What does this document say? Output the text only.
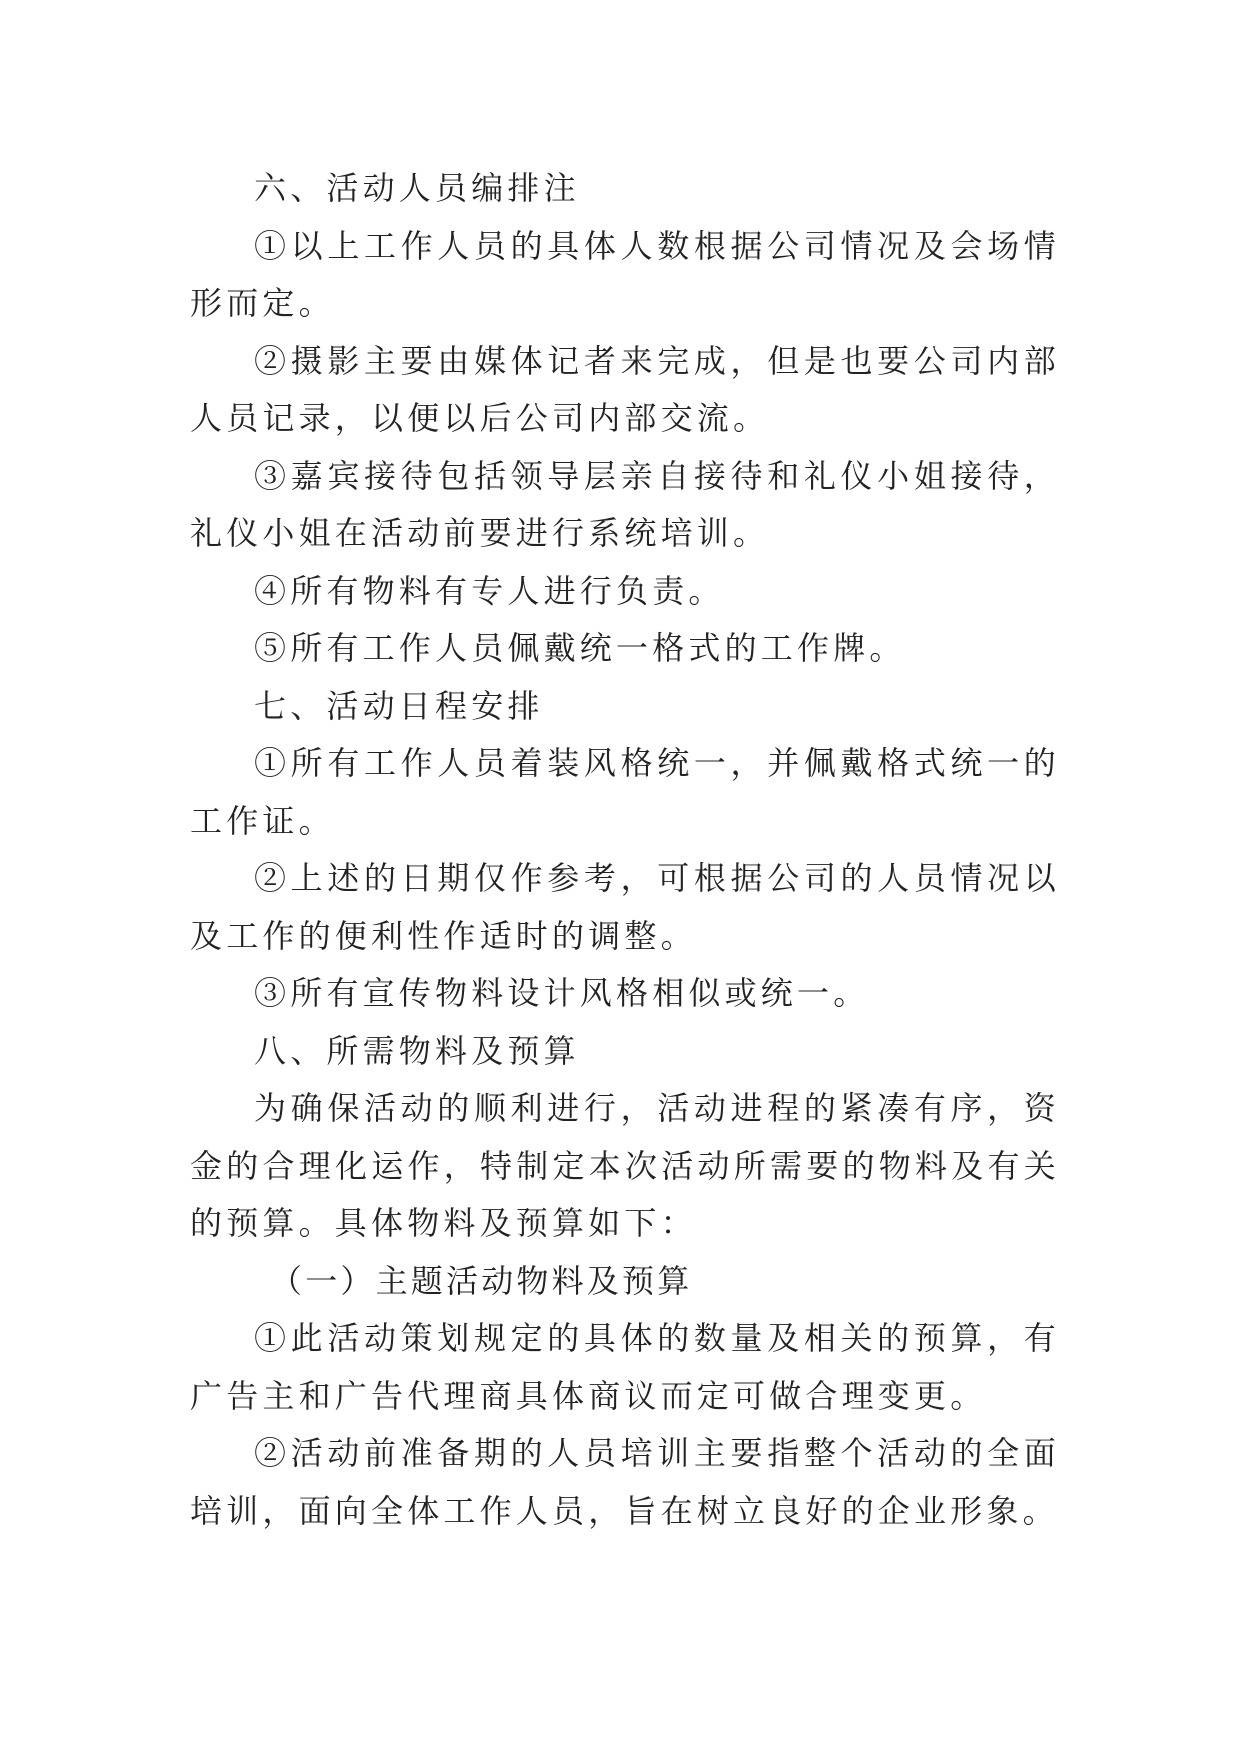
六、活动人员编排注

①以上工作人员的具体人数根据公司情况及会场情形而定。

②摄影主要由媒体记者来完成，但是也要公司内部人员记录，以便以后公司内部交流。

③嘉宾接待包括领导层亲自接待和礼仪小姐接待，礼仪小姐在活动前要进行系统培训。

④所有物料有专人进行负责。

⑤所有工作人员佩戴统一格式的工作牌。

七、活动日程安排

①所有工作人员着装风格统一，并佩戴格式统一的工作证。

②上述的日期仅作参考，可根据公司的人员情况以及工作的便利性作适时的调整。

③所有宣传物料设计风格相似或统一。

八、所需物料及预算

为确保活动的顺利进行，活动进程的紧凑有序，资金的合理化运作，特制定本次活动所需要的物料及有关的预算。具体物料及预算如下：

（一）主题活动物料及预算

①此活动策划规定的具体的数量及相关的预算，有广告主和广告代理商具体商议而定可做合理变更。

②活动前准备期的人员培训主要指整个活动的全面培训，面向全体工作人员，旨在树立良好的企业形象。
